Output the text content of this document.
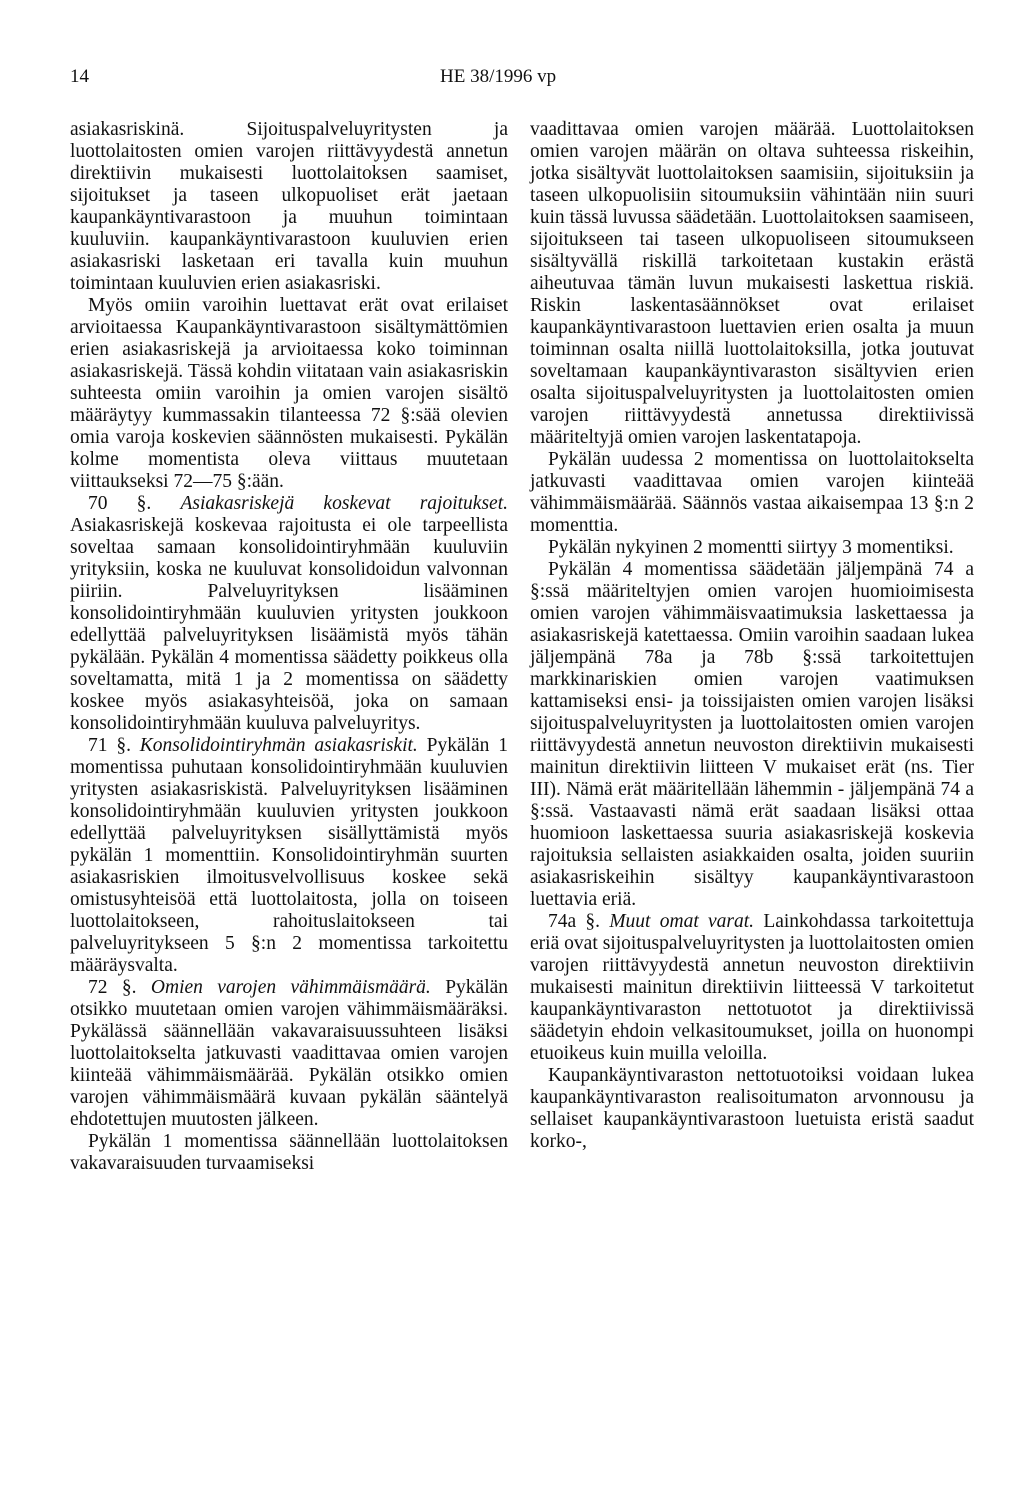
14	HE 38/1996 vp

asiakasriskinä. Sijoituspalveluyritysten ja luottolaitosten omien varojen riittävyydestä annetun direktiivin mukaisesti luottolaitoksen saamiset, sijoitukset ja taseen ulkopuoliset erät jaetaan kaupankäyntivarastoon ja muuhun toimintaan kuuluviin. kaupankäyntivarastoon kuuluvien erien asiakasriski lasketaan eri tavalla kuin muuhun toimintaan kuuluvien erien asiakasriski.

Myös omiin varoihin luettavat erät ovat erilaiset arvioitaessa Kaupankäyntivarastoon sisältymättömien erien asiakasriskejä ja arvioitaessa koko toiminnan asiakasriskejä. Tässä kohdin viitataan vain asiakasriskin suhteesta omiin varoihin ja omien varojen sisältö määräytyy kummassakin tilanteessa 72 §:sää olevien omia varoja koskevien säännösten mukaisesti. Pykälän kolme momentista oleva viittaus muutetaan viittaukseksi 72—75 §:ään.

70 §. Asiakasriskejä koskevat rajoitukset. Asiakasriskejä koskevaa rajoitusta ei ole tarpeellista soveltaa samaan konsolidointiryhmään kuuluviin yrityksiin, koska ne kuuluvat konsolidoidun valvonnan piiriin. Palveluyrityksen lisääminen konsolidointiryhmään kuuluvien yritysten joukkoon edellyttää palveluyrityksen lisäämistä myös tähän pykälään. Pykälän 4 momentissa säädetty poikkeus olla soveltamatta, mitä 1 ja 2 momentissa on säädetty koskee myös asiakasyhteisöä, joka on samaan konsolidointiryhmään kuuluva palveluyritys.

71 §. Konsolidointiryhmän asiakasriskit. Pykälän 1 momentissa puhutaan konsolidointiryhmään kuuluvien yritysten asiakasriskistä. Palveluyrityksen lisääminen konsolidointiryhmään kuuluvien yritysten joukkoon edellyttää palveluyrityksen sisällyttämistä myös pykälän 1 momenttiin. Konsolidointiryhmän suurten asiakasriskien ilmoitusvelvollisuus koskee sekä omistusyhteisöä että luottolaitosta, jolla on toiseen luottolaitokseen, rahoituslaitokseen tai palveluyritykseen 5 §:n 2 momentissa tarkoitettu määräysvalta.

72 §. Omien varojen vähimmäismäärä. Pykälän otsikko muutetaan omien varojen vähimmäismääräksi. Pykälässä säännellään vakavaraisuussuhteen lisäksi luottolaitokselta jatkuvasti vaadittavaa omien varojen kiinteää vähimmäismäärää. Pykälän otsikko omien varojen vähimmäismäärä kuvaan pykälän sääntelyä ehdotettujen muutosten jälkeen.

Pykälän 1 momentissa säännellään luottolaitoksen vakavaraisuuden turvaamiseksi

vaadittavaa omien varojen määrää. Luottolaitoksen omien varojen määrän on oltava suhteessa riskeihin, jotka sisältyvät luottolaitoksen saamisiin, sijoituksiin ja taseen ulkopuolisiin sitoumuksiin vähintään niin suuri kuin tässä luvussa säädetään. Luottolaitoksen saamiseen, sijoitukseen tai taseen ulkopuoliseen sitoumukseen sisältyvällä riskillä tarkoitetaan kustakin erästä aiheutuvaa tämän luvun mukaisesti laskettua riskiä. Riskin laskentasäännökset ovat erilaiset kaupankäyntivarastoon luettavien erien osalta ja muun toiminnan osalta niillä luottolaitoksilla, jotka joutuvat soveltamaan kaupankäyntivaraston sisältyvien erien osalta sijoituspalveluyritysten ja luottolaitosten omien varojen riittävyydestä annetussa direktiivissä määriteltyjä omien varojen laskentatapoja.

Pykälän uudessa 2 momentissa on luottolaitokselta jatkuvasti vaadittavaa omien varojen kiinteää vähimmäismäärää. Säännös vastaa aikaisempaa 13 §:n 2 momenttia.

Pykälän nykyinen 2 momentti siirtyy 3 momentiksi.

Pykälän 4 momentissa säädetään jäljempänä 74 a §:ssä määriteltyjen omien varojen huomioimisesta omien varojen vähimmäisvaatimuksia laskettaessa ja asiakasriskejä katettaessa. Omiin varoihin saadaan lukea jäljempänä 78a ja 78b §:ssä tarkoitettujen markkinariskien omien varojen vaatimuksen kattamiseksi ensi- ja toissijaisten omien varojen lisäksi sijoituspalveluyritysten ja luottolaitosten omien varojen riittävyydestä annetun neuvoston direktiivin mukaisesti mainitun direktiivin liitteen V mukaiset erät (ns. Tier III). Nämä erät määritellään lähemmin - jäljempänä 74 a §:ssä. Vastaavasti nämä erät saadaan lisäksi ottaa huomioon laskettaessa suuria asiakasriskejä koskevia rajoituksia sellaisten asiakkaiden osalta, joiden suuriin asiakasriskeihin sisältyy kaupankäyntivarastoon luettavia eriä.

74a §. Muut omat varat. Lainkohdassa tarkoitettuja eriä ovat sijoituspalveluyritysten ja luottolaitosten omien varojen riittävyydestä annetun neuvoston direktiivin mukaisesti mainitun direktiivin liitteessä V tarkoitetut kaupankäyntivaraston nettotuotot ja direktiivissä säädetyin ehdoin velkasitoumukset, joilla on huonompi etuoikeus kuin muilla veloilla.

Kaupankäyntivaraston nettotuotoiksi voidaan lukea kaupankäyntivaraston realisoitumaton arvonnousu ja sellaiset kaupankäyntivarastoon luetuista eristä saadut korko-,
